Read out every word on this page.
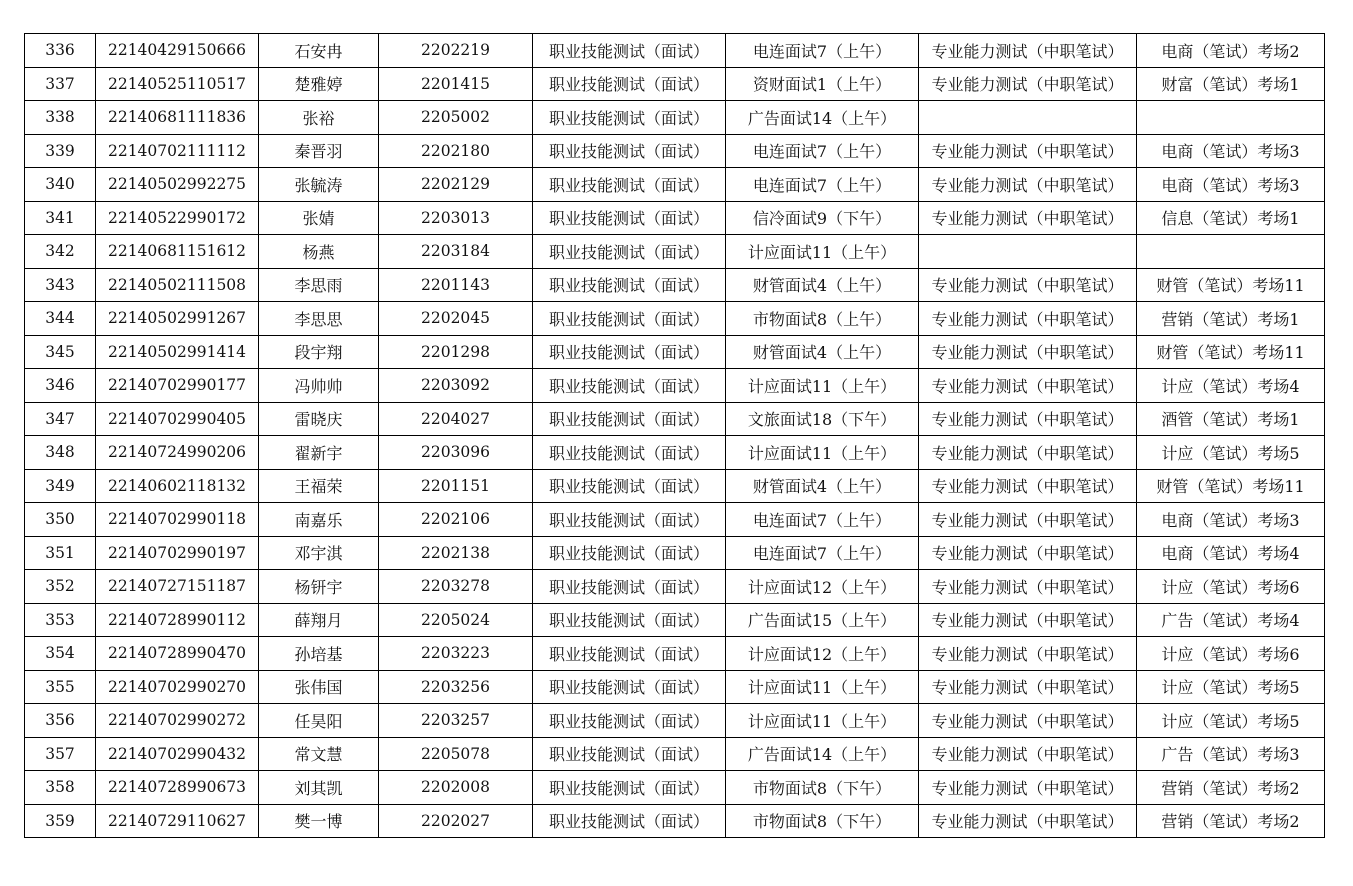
336	22140429150666	石安冉	2202219	职业技能测试（面试）	电连面试7（上午）	专业能力测试（中职笔试）	电商（笔试）考场2
337	22140525110517	楚雅婷	2201415	职业技能测试（面试）	资财面试1（上午）	专业能力测试（中职笔试）	财富（笔试）考场1
338	22140681111836	张裕	2205002	职业技能测试（面试）	广告面试14（上午）		
339	22140702111112	秦晋羽	2202180	职业技能测试（面试）	电连面试7（上午）	专业能力测试（中职笔试）	电商（笔试）考场3
340	22140502992275	张毓涛	2202129	职业技能测试（面试）	电连面试7（上午）	专业能力测试（中职笔试）	电商（笔试）考场3
341	22140522990172	张婧	2203013	职业技能测试（面试）	信冷面试9（下午）	专业能力测试（中职笔试）	信息（笔试）考场1
342	22140681151612	杨燕	2203184	职业技能测试（面试）	计应面试11（上午）		
343	22140502111508	李思雨	2201143	职业技能测试（面试）	财管面试4（上午）	专业能力测试（中职笔试）	财管（笔试）考场11
344	22140502991267	李思思	2202045	职业技能测试（面试）	市物面试8（上午）	专业能力测试（中职笔试）	营销（笔试）考场1
345	22140502991414	段宇翔	2201298	职业技能测试（面试）	财管面试4（上午）	专业能力测试（中职笔试）	财管（笔试）考场11
346	22140702990177	冯帅帅	2203092	职业技能测试（面试）	计应面试11（上午）	专业能力测试（中职笔试）	计应（笔试）考场4
347	22140702990405	雷晓庆	2204027	职业技能测试（面试）	文旅面试18（下午）	专业能力测试（中职笔试）	酒管（笔试）考场1
348	22140724990206	翟新宇	2203096	职业技能测试（面试）	计应面试11（上午）	专业能力测试（中职笔试）	计应（笔试）考场5
349	22140602118132	王福荣	2201151	职业技能测试（面试）	财管面试4（上午）	专业能力测试（中职笔试）	财管（笔试）考场11
350	22140702990118	南嘉乐	2202106	职业技能测试（面试）	电连面试7（上午）	专业能力测试（中职笔试）	电商（笔试）考场3
351	22140702990197	邓宇淇	2202138	职业技能测试（面试）	电连面试7（上午）	专业能力测试（中职笔试）	电商（笔试）考场4
352	22140727151187	杨钘宇	2203278	职业技能测试（面试）	计应面试12（上午）	专业能力测试（中职笔试）	计应（笔试）考场6
353	22140728990112	薛翔月	2205024	职业技能测试（面试）	广告面试15（上午）	专业能力测试（中职笔试）	广告（笔试）考场4
354	22140728990470	孙培基	2203223	职业技能测试（面试）	计应面试12（上午）	专业能力测试（中职笔试）	计应（笔试）考场6
355	22140702990270	张伟国	2203256	职业技能测试（面试）	计应面试11（上午）	专业能力测试（中职笔试）	计应（笔试）考场5
356	22140702990272	任昊阳	2203257	职业技能测试（面试）	计应面试11（上午）	专业能力测试（中职笔试）	计应（笔试）考场5
357	22140702990432	常文慧	2205078	职业技能测试（面试）	广告面试14（上午）	专业能力测试（中职笔试）	广告（笔试）考场3
358	22140728990673	刘其凯	2202008	职业技能测试（面试）	市物面试8（下午）	专业能力测试（中职笔试）	营销（笔试）考场2
359	22140729110627	樊一博	2202027	职业技能测试（面试）	市物面试8（下午）	专业能力测试（中职笔试）	营销（笔试）考场2
